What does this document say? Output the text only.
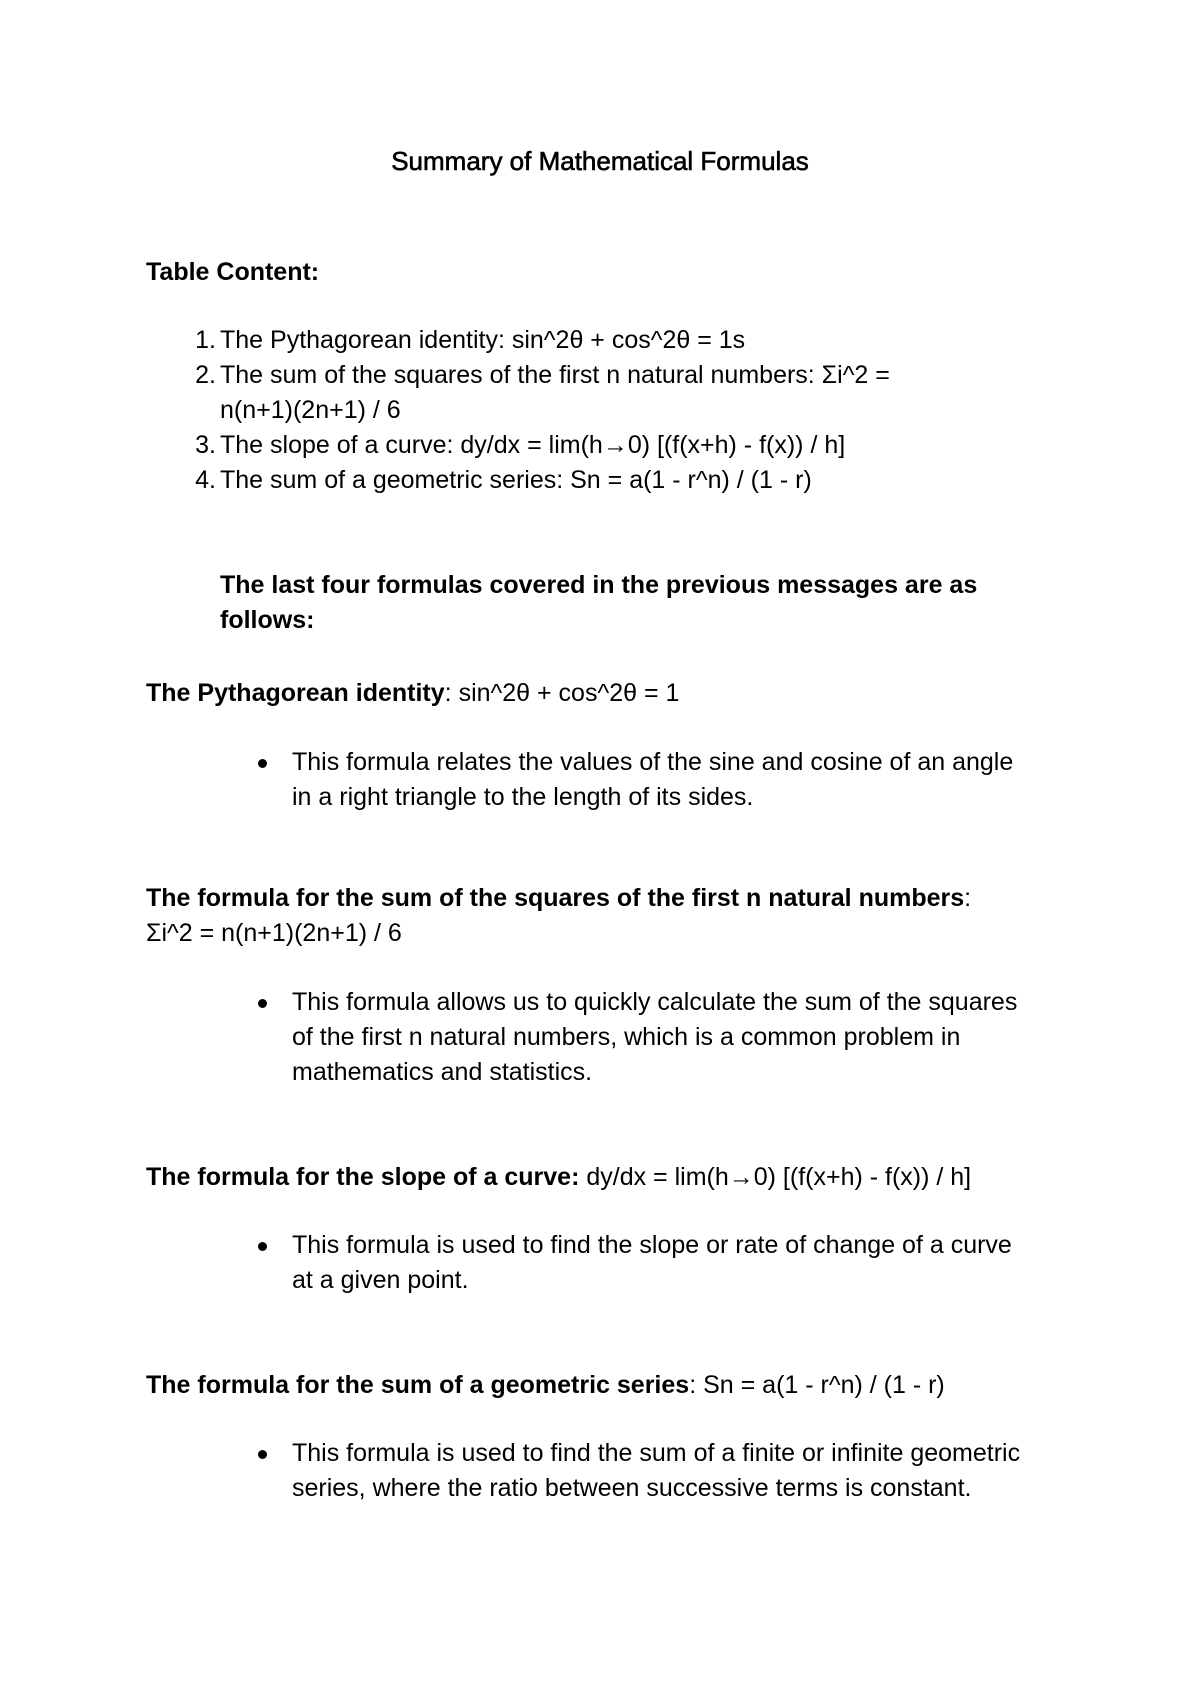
Summary of Mathematical Formulas
Table Content:
1. The Pythagorean identity: sin^2θ + cos^2θ = 1s
2. The sum of the squares of the first n natural numbers: Σi^2 =
n(n+1)(2n+1) / 6
3. The slope of a curve: dy/dx = lim(h→0) [(f(x+h) - f(x)) / h]
4. The sum of a geometric series: Sn = a(1 - r^n) / (1 - r)
The last four formulas covered in the previous messages are as
follows:
The Pythagorean identity: sin^2θ + cos^2θ = 1
This formula relates the values of the sine and cosine of an angle
in a right triangle to the length of its sides.
The formula for the sum of the squares of the first n natural numbers:
Σi^2 = n(n+1)(2n+1) / 6
This formula allows us to quickly calculate the sum of the squares
of the first n natural numbers, which is a common problem in
mathematics and statistics.
The formula for the slope of a curve: dy/dx = lim(h→0) [(f(x+h) - f(x)) / h]
This formula is used to find the slope or rate of change of a curve
at a given point.
The formula for the sum of a geometric series: Sn = a(1 - r^n) / (1 - r)
This formula is used to find the sum of a finite or infinite geometric
series, where the ratio between successive terms is constant.
